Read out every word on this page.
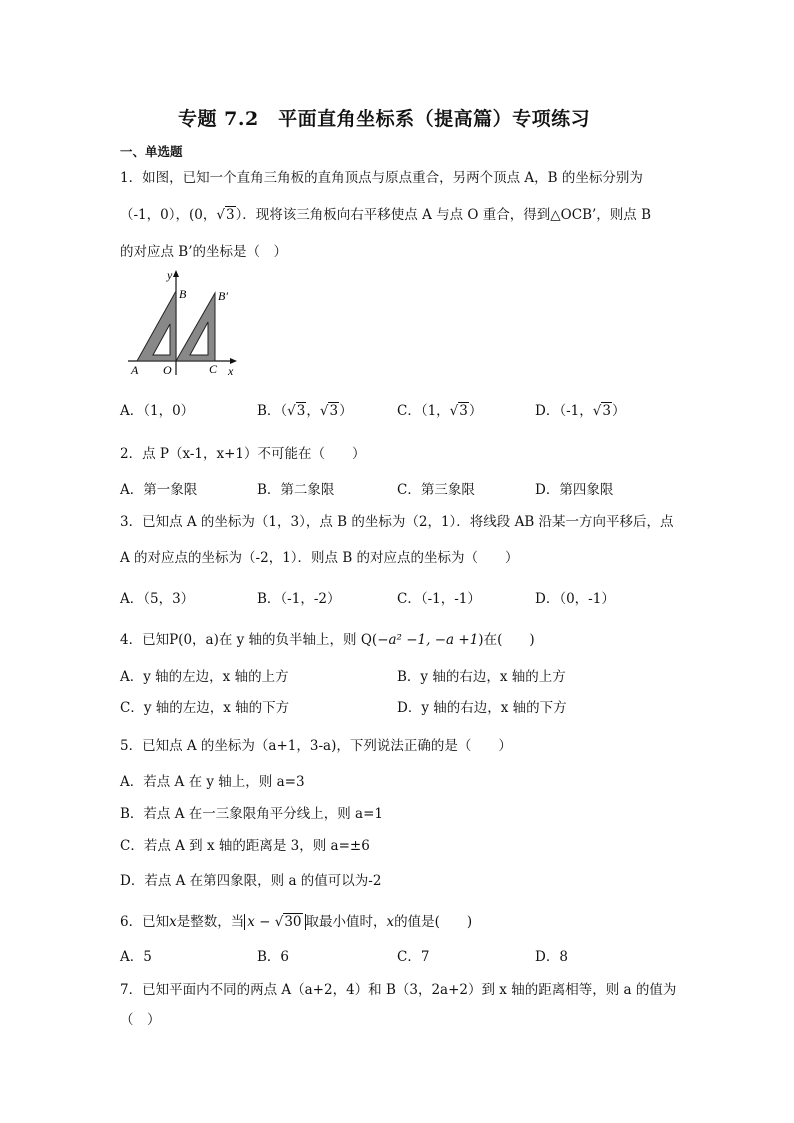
专题 7.2　平面直角坐标系（提高篇）专项练习
一、单选题
1．如图，已知一个直角三角板的直角顶点与原点重合，另两个顶点 A，B 的坐标分别为
（-1，0），(0，√3）．现将该三角板向右平移使点 A 与点 O 重合，得到△OCB’，则点 B
的对应点 B’的坐标是（　）
y
B	B′
A O	C x
A．（1，0）	B．（√3，√3）	C．（1，√3）	D．（-1，√3）
2．点 P（x-1，x+1）不可能在（　　）
A．第一象限	B．第二象限	C．第三象限	D．第四象限
3．已知点 A 的坐标为（1，3），点 B 的坐标为（2，1）．将线段 AB 沿某一方向平移后，点
A 的对应点的坐标为（-2，1）．则点 B 的对应点的坐标为（　　）
A．（5，3）	B．（-1，-2）	C．（-1，-1）	D．（0，-1）
4．已知P(0，a)在 y 轴的负半轴上，则 Q(−a² −1, −a +1)在(　　)
A．y 轴的左边，x 轴的上方	B．y 轴的右边，x 轴的上方
C．y 轴的左边，x 轴的下方	D．y 轴的右边，x 轴的下方
5．已知点 A 的坐标为（a+1，3-a)，下列说法正确的是（　　）
A．若点 A 在 y 轴上，则 a=3
B．若点 A 在一三象限角平分线上，则 a=1
C．若点 A 到 x 轴的距离是 3，则 a=±6
D．若点 A 在第四象限，则 a 的值可以为-2
6．已知x是整数，当 x − √30 取最小值时，x的值是(　　)
A．5	B．6	C．7	D．8
7．已知平面内不同的两点 A（a+2，4）和 B（3，2a+2）到 x 轴的距离相等，则 a 的值为
（　）
